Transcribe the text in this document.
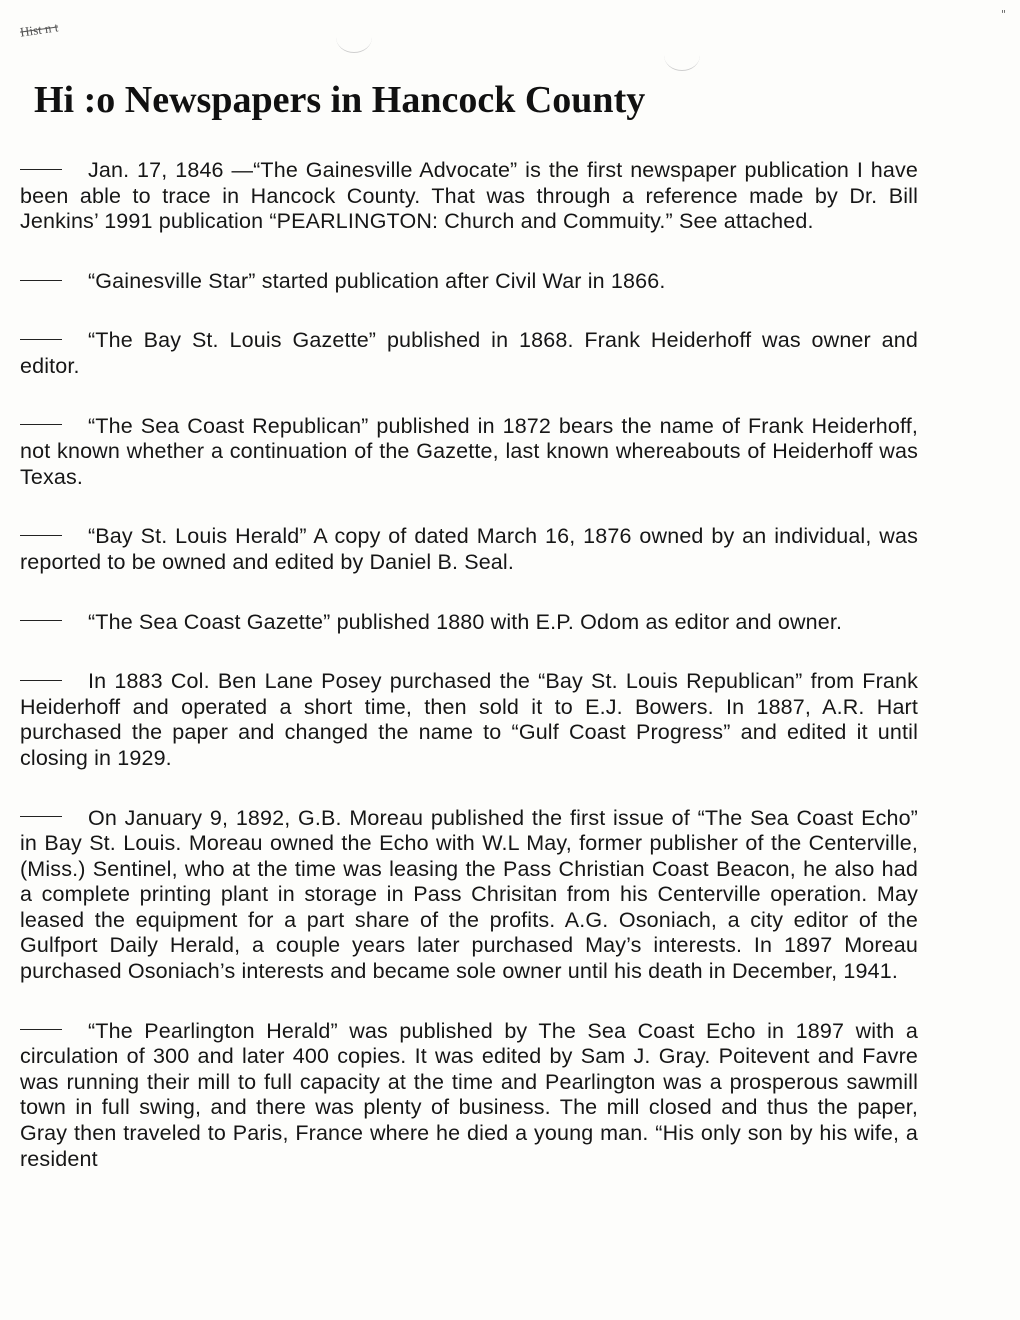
Hist n t
"
Hi :o Newspapers in Hancock County

Jan. 17, 1846 —“The Gainesville Advocate” is the first newspaper publication I have been able to trace in Hancock County. That was through a reference made by Dr. Bill Jenkins’ 1991 publication “PEARLINGTON: Church and Commuity.” See attached.

“Gainesville Star” started publication after Civil War in 1866.

“The Bay St. Louis Gazette” published in 1868. Frank Heiderhoff was owner and editor.

“The Sea Coast Republican” published in 1872 bears the name of Frank Heiderhoff, not known whether a continuation of the Gazette, last known whereabouts of Heiderhoff was Texas.

“Bay St. Louis Herald” A copy of dated March 16, 1876 owned by an individual, was reported to be owned and edited by Daniel B. Seal.

“The Sea Coast Gazette” published 1880 with E.P. Odom as editor and owner.

In 1883 Col. Ben Lane Posey purchased the “Bay St. Louis Republican” from Frank Heiderhoff and operated a short time, then sold it to E.J. Bowers. In 1887, A.R. Hart purchased the paper and changed the name to “Gulf Coast Progress” and edited it until closing in 1929.

On January 9, 1892, G.B. Moreau published the first issue of “The Sea Coast Echo” in Bay St. Louis. Moreau owned the Echo with W.L May, former publisher of the Centerville, (Miss.) Sentinel, who at the time was leasing the Pass Christian Coast Beacon, he also had a complete printing plant in storage in Pass Chrisitan from his Centerville operation. May leased the equipment for a part share of the profits. A.G. Osoniach, a city editor of the Gulfport Daily Herald, a couple years later purchased May’s interests. In 1897 Moreau purchased Osoniach’s interests and became sole owner until his death in December, 1941.

“The Pearlington Herald” was published by The Sea Coast Echo in 1897 with a circulation of 300 and later 400 copies. It was edited by Sam J. Gray. Poitevent and Favre was running their mill to full capacity at the time and Pearlington was a prosperous sawmill town in full swing, and there was plenty of business. The mill closed and thus the paper, Gray then traveled to Paris, France where he died a young man. “His only son by his wife, a resident
